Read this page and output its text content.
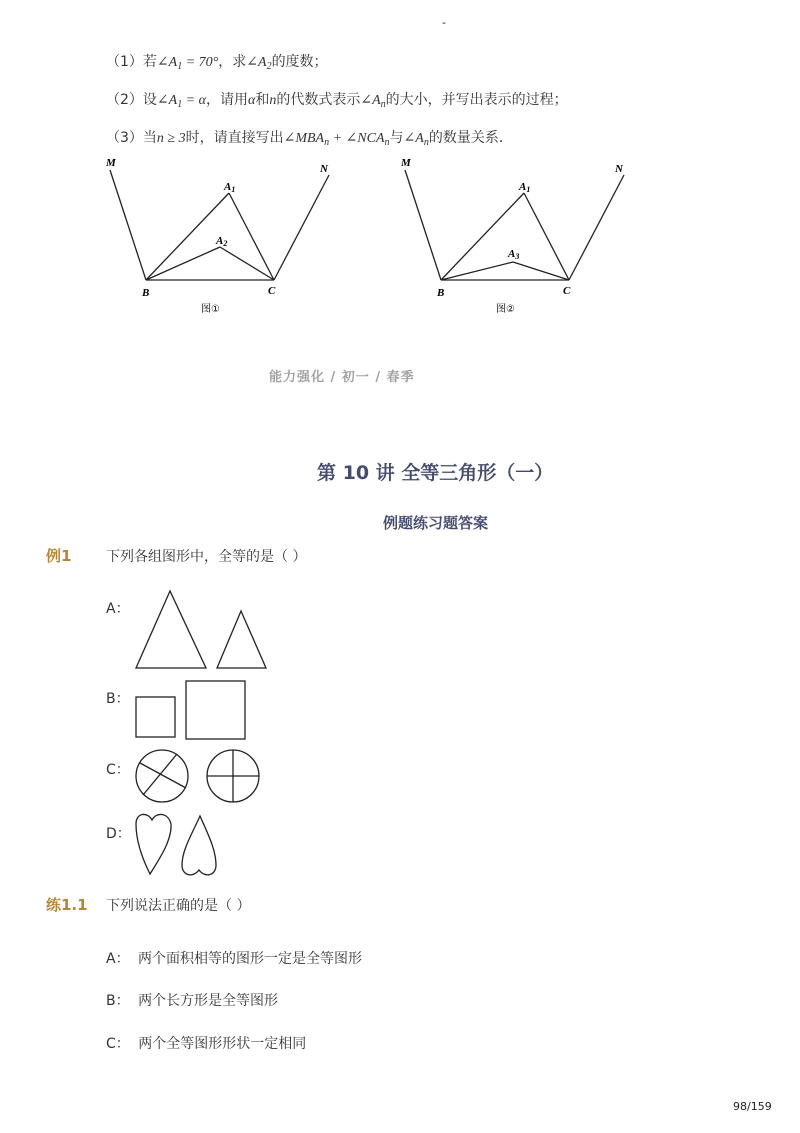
-
（1）若$\angle A_1 = 70^\circ$，求$\angle A_2$的度数；
（2）设$\angle A_1 = \alpha$，请用α和n的代数式表示$\angle A_n$的大小，并写出表示的过程；
（3）当n ≥ 3时，请直接写出$\angle MBA_n$ + $\angle NCA_n$与$\angle A_n$的数量关系．
M	N
A1
A2
B	C
图①
M	N
A1
A3
B	C
图②
能力强化 / 初一 / 春季
第 10 讲 全等三角形（一）
例题练习题答案
例1 下列各组图形中，全等的是（ ）
A：
B：
C：
D：
练1.1 下列说法正确的是（ ）
A： 两个面积相等的图形一定是全等图形
B： 两个长方形是全等图形
C： 两个全等图形形状一定相同
98/159
